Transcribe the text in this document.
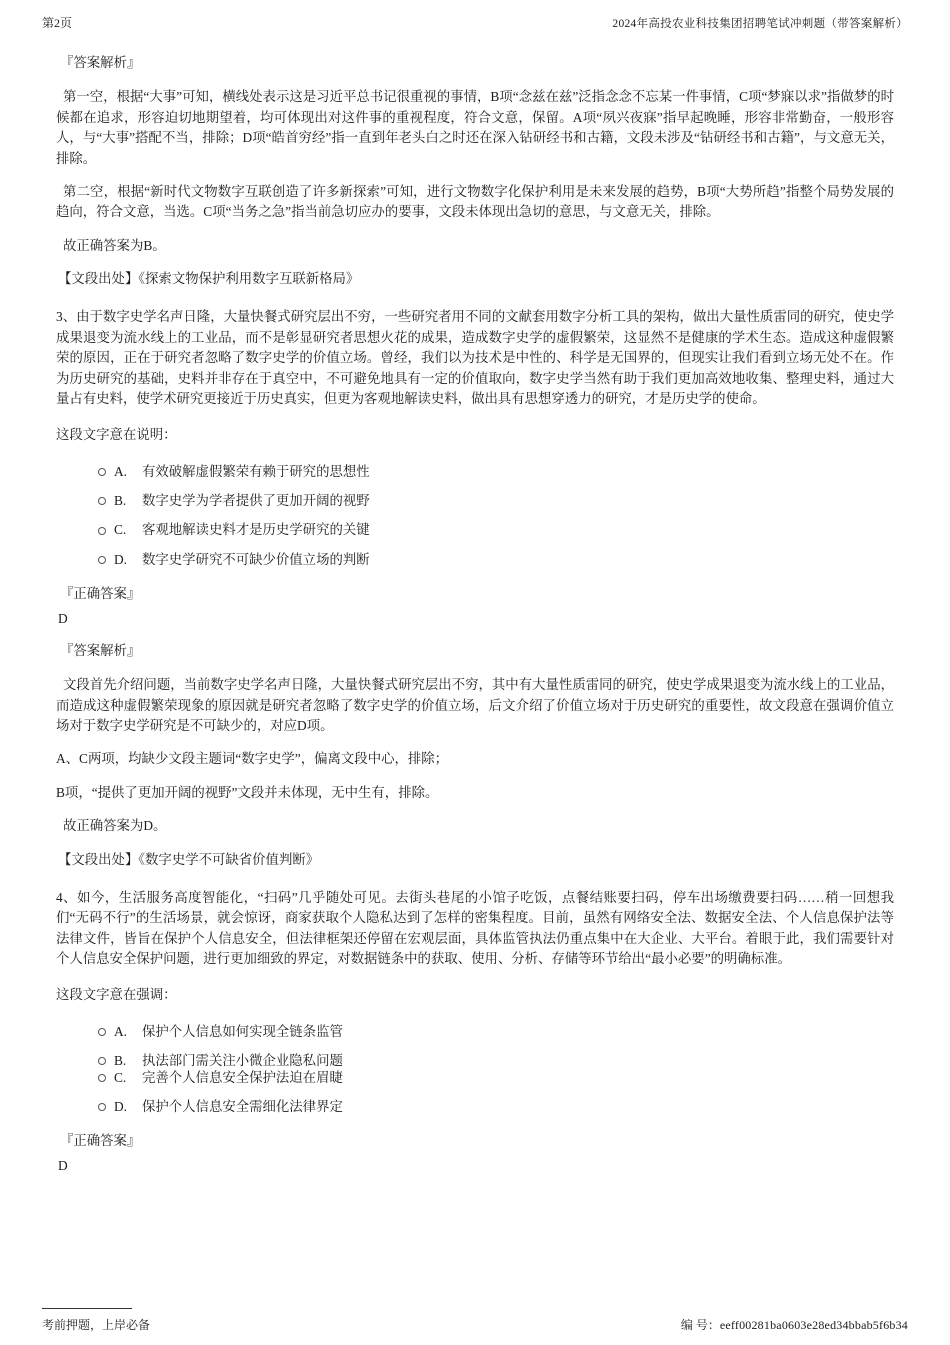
第2页	2024年高投农业科技集团招聘笔试冲刺题（带答案解析）

『答案解析』

第一空，根据“大事”可知，横线处表示这是习近平总书记很重视的事情，B项“念兹在兹”泛指念念不忘某一件事情，C项“梦寐以求”指做梦的时候都在追求，形容迫切地期望着，均可体现出对这件事的重视程度，符合文意，保留。A项“夙兴夜寐”指早起晚睡，形容非常勤奋，一般形容人，与“大事”搭配不当，排除；D项“皓首穷经”指一直到年老头白之时还在深入钻研经书和古籍，文段未涉及“钻研经书和古籍”，与文意无关，排除。

第二空，根据“新时代文物数字互联创造了许多新探索”可知，进行文物数字化保护利用是未来发展的趋势，B项“大势所趋”指整个局势发展的趋向，符合文意，当选。C项“当务之急”指当前急切应办的要事，文段未体现出急切的意思，与文意无关，排除。

故正确答案为B。

【文段出处】《探索文物保护利用数字互联新格局》

3、由于数字史学名声日隆，大量快餐式研究层出不穷，一些研究者用不同的文献套用数字分析工具的架构，做出大量性质雷同的研究，使史学成果退变为流水线上的工业品，而不是彰显研究者思想火花的成果，造成数字史学的虚假繁荣，这显然不是健康的学术生态。造成这种虚假繁荣的原因，正在于研究者忽略了数字史学的价值立场。曾经，我们以为技术是中性的、科学是无国界的，但现实让我们看到立场无处不在。作为历史研究的基础，史料并非存在于真空中，不可避免地具有一定的价值取向，数字史学当然有助于我们更加高效地收集、整理史料，通过大量占有史料，使学术研究更接近于历史真实，但更为客观地解读史料，做出具有思想穿透力的研究，才是历史学的使命。

这段文字意在说明：

A.	有效破解虚假繁荣有赖于研究的思想性
B.	数字史学为学者提供了更加开阔的视野
C.	客观地解读史料才是历史学研究的关键
D.	数字史学研究不可缺少价值立场的判断

『正确答案』

D

『答案解析』

文段首先介绍问题，当前数字史学名声日隆，大量快餐式研究层出不穷，其中有大量性质雷同的研究，使史学成果退变为流水线上的工业品，而造成这种虚假繁荣现象的原因就是研究者忽略了数字史学的价值立场，后文介绍了价值立场对于历史研究的重要性，故文段意在强调价值立场对于数字史学研究是不可缺少的，对应D项。

A、C两项，均缺少文段主题词“数字史学”，偏离文段中心，排除；

B项，“提供了更加开阔的视野”文段并未体现，无中生有，排除。

故正确答案为D。

【文段出处】《数字史学不可缺省价值判断》

4、如今，生活服务高度智能化，“扫码”几乎随处可见。去街头巷尾的小馆子吃饭，点餐结账要扫码，停车出场缴费要扫码……稍一回想我们“无码不行”的生活场景，就会惊讶，商家获取个人隐私达到了怎样的密集程度。目前，虽然有网络安全法、数据安全法、个人信息保护法等法律文件，皆旨在保护个人信息安全，但法律框架还停留在宏观层面，具体监管执法仍重点集中在大企业、大平台。着眼于此，我们需要针对个人信息安全保护问题，进行更加细致的界定，对数据链条中的获取、使用、分析、存储等环节给出“最小必要”的明确标准。

这段文字意在强调：

A.	保护个人信息如何实现全链条监管
B.	执法部门需关注小微企业隐私问题
C.	完善个人信息安全保护法迫在眉睫
D.	保护个人信息安全需细化法律界定

『正确答案』

D

考前押题，上岸必备	编 号：eeff00281ba0603e28ed34bbab5f6b34
